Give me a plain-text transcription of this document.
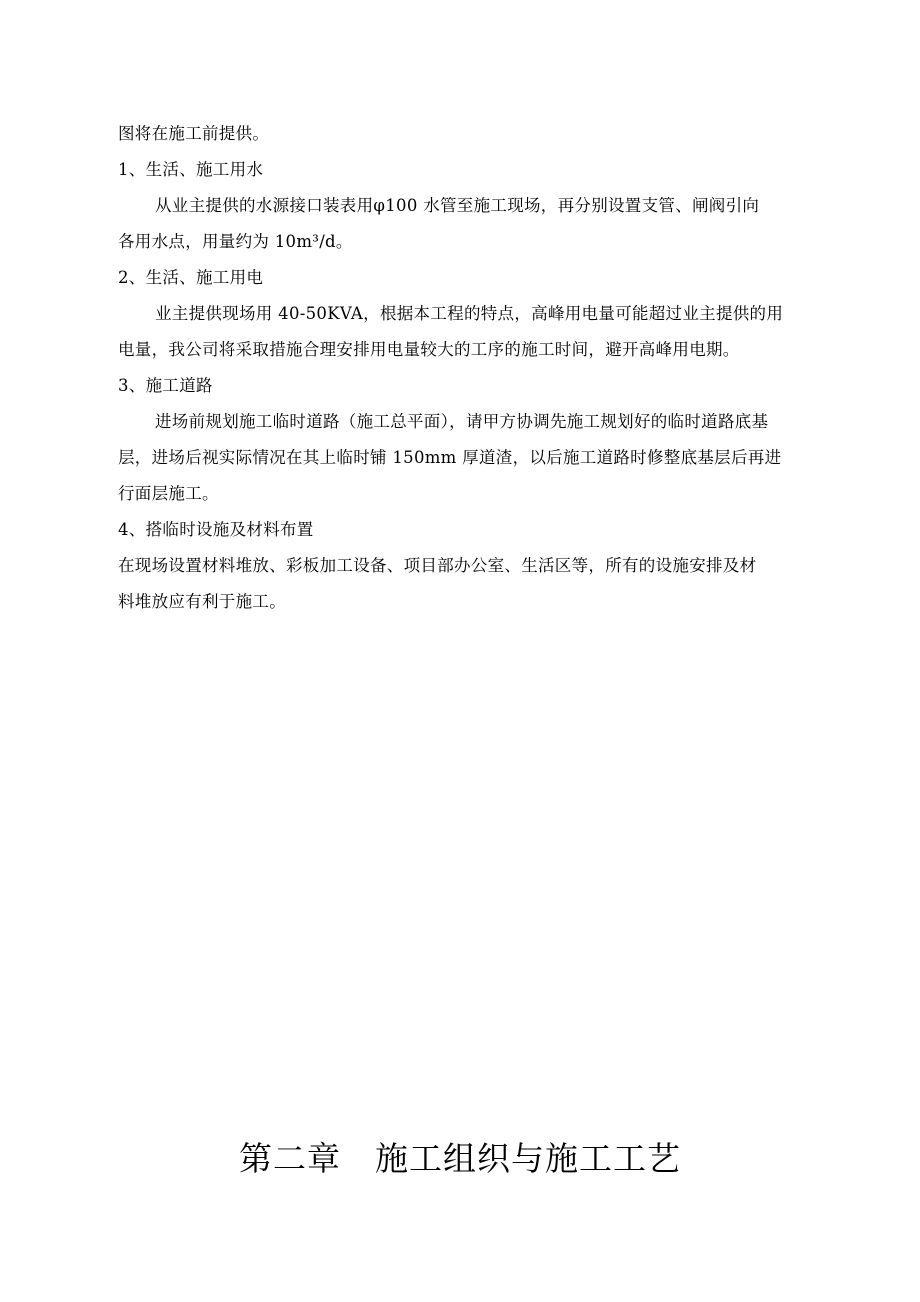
图将在施工前提供。
1、生活、施工用水
从业主提供的水源接口装表用φ100 水管至施工现场，再分别设置支管、闸阀引向
各用水点，用量约为 10m³/d。
2、生活、施工用电
业主提供现场用 40-50KVA，根据本工程的特点，高峰用电量可能超过业主提供的用
电量，我公司将采取措施合理安排用电量较大的工序的施工时间，避开高峰用电期。
3、施工道路
进场前规划施工临时道路（施工总平面），请甲方协调先施工规划好的临时道路底基
层，进场后视实际情况在其上临时铺 150mm 厚道渣，以后施工道路时修整底基层后再进
行面层施工。
4、搭临时设施及材料布置
在现场设置材料堆放、彩板加工设备、项目部办公室、生活区等，所有的设施安排及材
料堆放应有利于施工。
第二章　施工组织与施工工艺
